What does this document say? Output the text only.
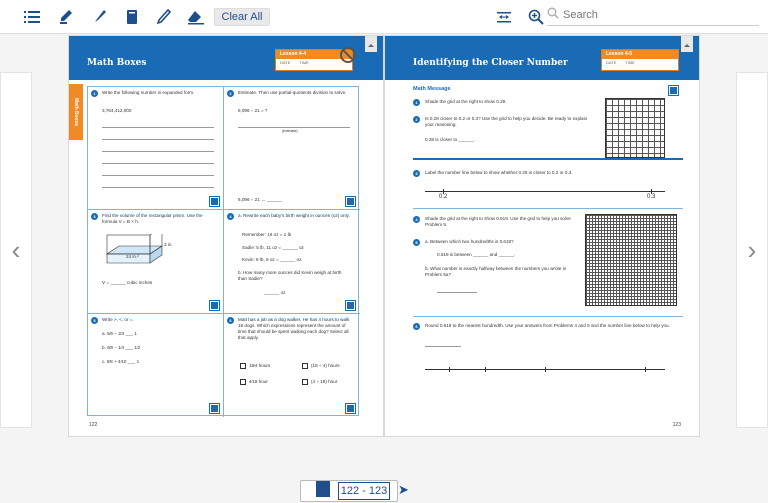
Clear All
Search
‹	›
Math Boxes
Lesson 4-4
DATE TIME
Math Boxes
1	Write the following number in expanded form.
3,764,412,000
2	Estimate. Then use partial-quotients division to solve.
6,096 ÷ 21 = ?
(estimate)
6,096 ÷ 21 → ______
3	Find the volume of the rectangular prism. Use the formula V = B × h.
3 in.
24 in.²
V = ______ cubic inches
4	a. Rewrite each baby's birth weight in ounces (oz) only.
Remember: 16 oz = 1 lb
Sadie: 5 lb, 11 oz = ______ oz
Kevin: 8 lb, 9 oz = ______ oz
b. How many more ounces did Kevin weigh at birth than Sadie?
______ oz
5	Write >, <, or =.
a. 5⁄6 − 2⁄3 ___ 1
b. 6⁄8 − 1⁄4 ___ 1⁄2
c. 6⁄8 + 4⁄10 ___ 1
6	Matt has a job as a dog walker. He has 4 hours to walk 18 dogs. Which expressions represent the amount of time that should be spent walking each dog? Select all that apply.
18⁄4 hours	(18 ÷ 4) hours
4⁄18 hour	(4 ÷ 18) hour
122
Identifying the Closer Number
Lesson 4-5
DATE TIME
Math Message
1	Shade the grid at the right to show 0.28.
2	Is 0.28 closer to 0.2 or 0.3? Use the grid to help you decide. Be ready to explain your reasoning.
0.28 is closer to ______.
3	Label the number line below to show whether 0.28 is closer to 0.2 or 0.3.
0.2	0.3
4	Shade the grid at the right to show 0.619. Use the grid to help you solve Problem 5.
5	a. Between which two hundredths is 0.619?
0.619 is between ______ and ______.
b. What number is exactly halfway between the numbers you wrote in Problem 5a?
6	Round 0.619 to the nearest hundredth. Use your answers from Problems 4 and 5 and the number line below to help you.
123
122 - 123 ➤
